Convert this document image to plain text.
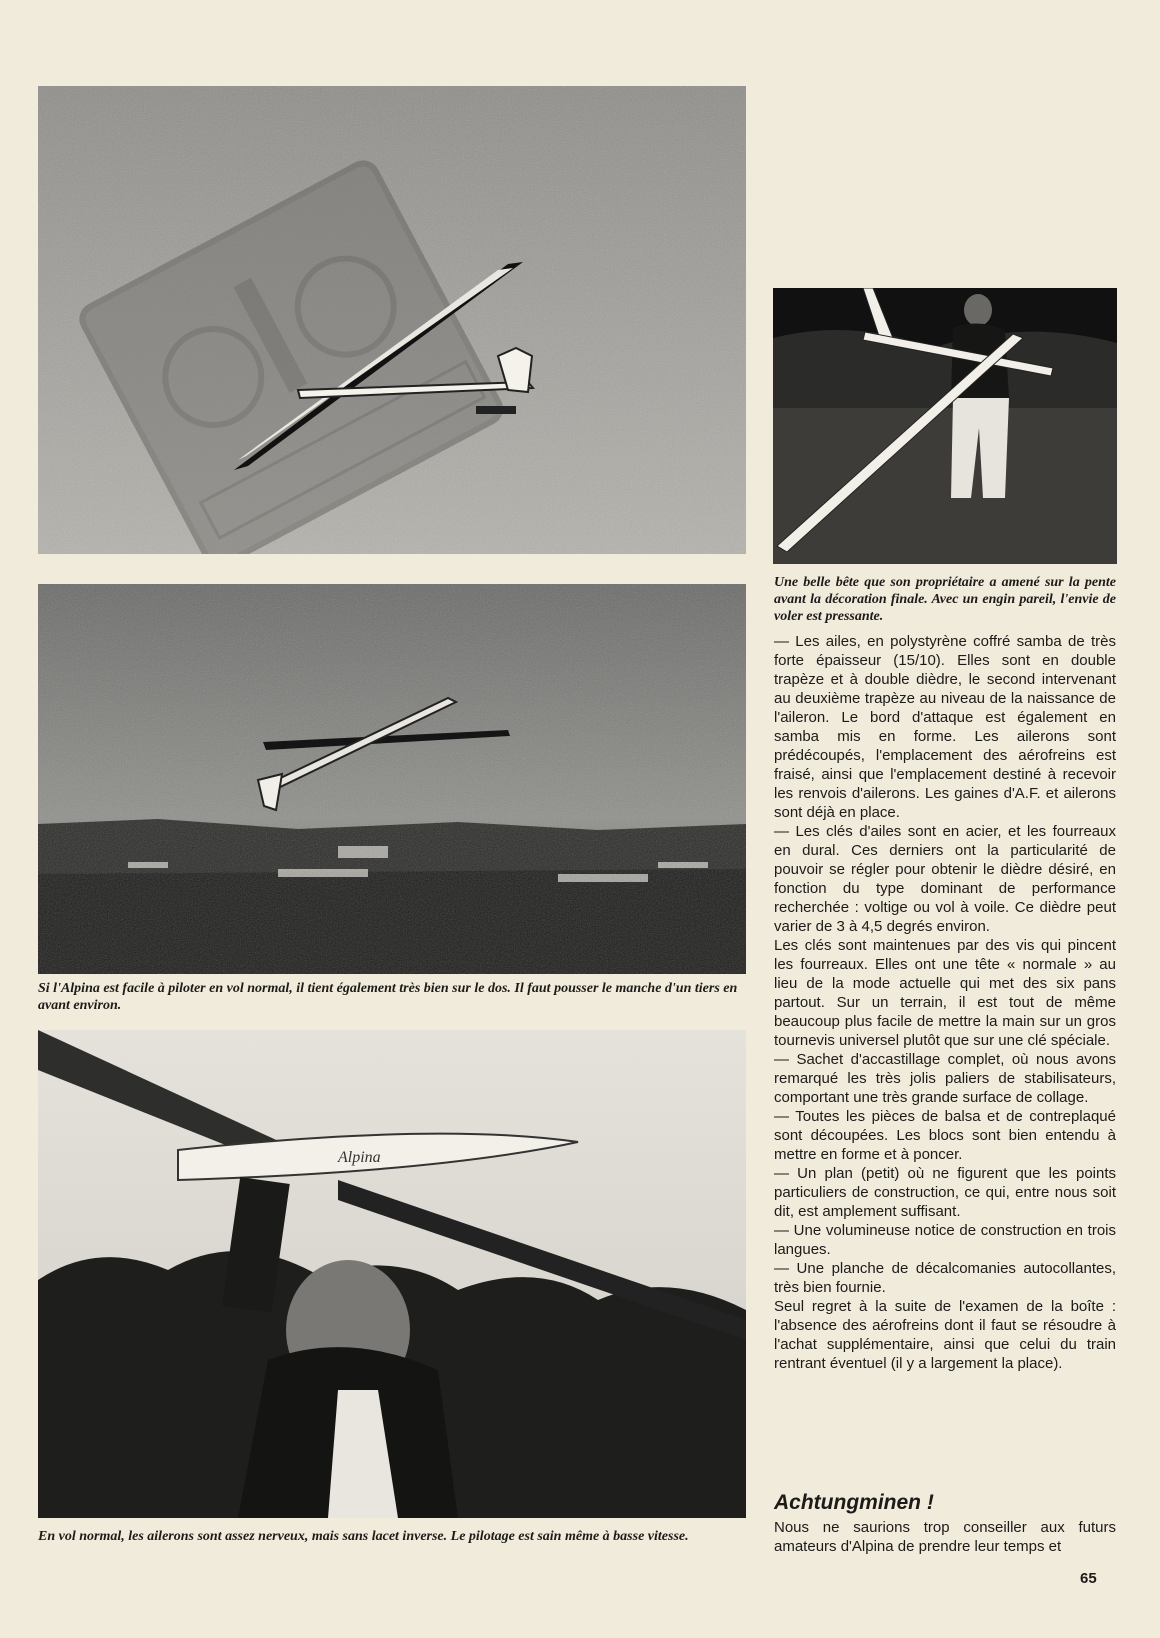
Si l'Alpina est facile à piloter en vol normal, il tient également très bien sur le dos. Il faut pousser le manche d'un tiers en avant environ.

Alpina

En vol normal, les ailerons sont assez nerveux, mais sans lacet inverse. Le pilotage est sain même à basse vitesse.

Une belle bête que son propriétaire a amené sur la pente avant la décoration finale. Avec un engin pareil, l'envie de voler est pressante.

— Les ailes, en polystyrène coffré samba de très forte épaisseur (15/10). Elles sont en double trapèze et à double dièdre, le second intervenant au deuxième trapèze au niveau de la naissance de l'aileron. Le bord d'attaque est également en samba mis en forme. Les ailerons sont prédécoupés, l'emplacement des aérofreins est fraisé, ainsi que l'emplacement destiné à recevoir les renvois d'ailerons. Les gaines d'A.F. et ailerons sont déjà en place.

— Les clés d'ailes sont en acier, et les fourreaux en dural. Ces derniers ont la particularité de pouvoir se régler pour obtenir le dièdre désiré, en fonction du type dominant de performance recherchée : voltige ou vol à voile. Ce dièdre peut varier de 3 à 4,5 degrés environ.

Les clés sont maintenues par des vis qui pincent les fourreaux. Elles ont une tête « normale » au lieu de la mode actuelle qui met des six pans partout. Sur un terrain, il est tout de même beaucoup plus facile de mettre la main sur un gros tournevis universel plutôt que sur une clé spéciale.

— Sachet d'accastillage complet, où nous avons remarqué les très jolis paliers de stabilisateurs, comportant une très grande surface de collage.

— Toutes les pièces de balsa et de contreplaqué sont découpées. Les blocs sont bien entendu à mettre en forme et à poncer.

— Un plan (petit) où ne figurent que les points particuliers de construction, ce qui, entre nous soit dit, est amplement suffisant.

— Une volumineuse notice de construction en trois langues.

— Une planche de décalcomanies autocollantes, très bien fournie.

Seul regret à la suite de l'examen de la boîte : l'absence des aérofreins dont il faut se résoudre à l'achat supplémentaire, ainsi que celui du train rentrant éventuel (il y a largement la place).

Achtungminen !

Nous ne saurions trop conseiller aux futurs amateurs d'Alpina de prendre leur temps et

65
